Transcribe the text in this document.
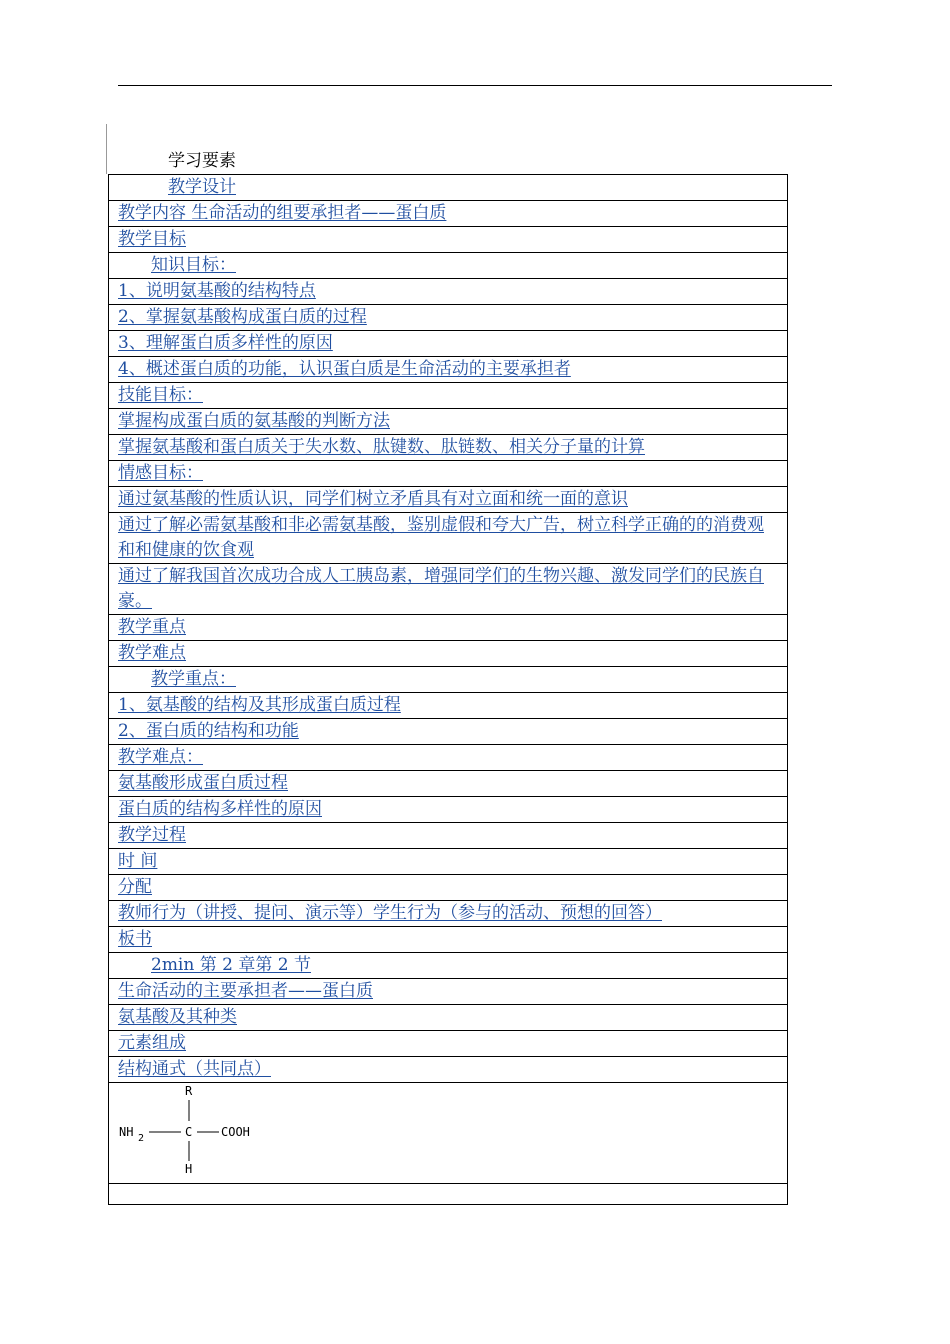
学习要素
教学设计
教学内容 生命活动的组要承担者——蛋白质
教学目标
知识目标：
1、说明氨基酸的结构特点
2、掌握氨基酸构成蛋白质的过程
3、理解蛋白质多样性的原因
4、概述蛋白质的功能，认识蛋白质是生命活动的主要承担者
技能目标：
掌握构成蛋白质的氨基酸的判断方法
掌握氨基酸和蛋白质关于失水数、肽键数、肽链数、相关分子量的计算
情感目标：
通过氨基酸的性质认识，同学们树立矛盾具有对立面和统一面的意识
通过了解必需氨基酸和非必需氨基酸，鉴别虚假和夸大广告，树立科学正确的的消费观和和健康的饮食观
通过了解我国首次成功合成人工胰岛素，增强同学们的生物兴趣、激发同学们的民族自豪。
教学重点
教学难点
教学重点：
1、氨基酸的结构及其形成蛋白质过程
2、蛋白质的结构和功能
教学难点：
氨基酸形成蛋白质过程
蛋白质的结构多样性的原因
教学过程
时 间
分配
教师行为（讲授、提问、演示等）学生行为（参与的活动、预想的回答）
板书
2min 第 2 章第 2 节
生命活动的主要承担者——蛋白质
氨基酸及其种类
元素组成
结构通式（共同点）

R
NH 2	C COOH
H
